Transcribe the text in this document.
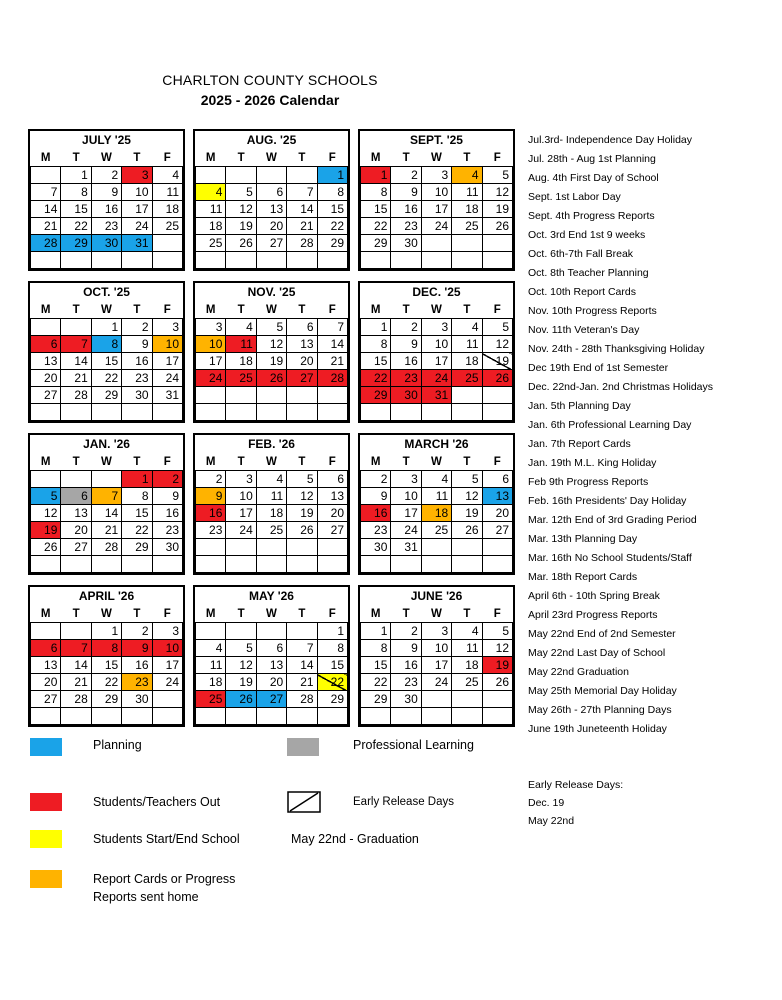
CHARLTON COUNTY SCHOOLS
2025 - 2026 Calendar
JULY '25
M	T	W	T	F
	1	2	3	4
7	8	9	10	11
14	15	16	17	18
21	22	23	24	25
28	29	30	31	

AUG. '25
M	T	W	T	F
				1
4	5	6	7	8
11	12	13	14	15
18	19	20	21	22
25	26	27	28	29

SEPT. '25
M	T	W	T	F
1	2	3	4	5
8	9	10	11	12
15	16	17	18	19
22	23	24	25	26
29	30			

OCT. '25
M	T	W	T	F
		1	2	3
6	7	8	9	10
13	14	15	16	17
20	21	22	23	24
27	28	29	30	31

NOV. '25
M	T	W	T	F
3	4	5	6	7
10	11	12	13	14
17	18	19	20	21
24	25	26	27	28

DEC. '25
M	T	W	T	F
1	2	3	4	5
8	9	10	11	12
15	16	17	18	19
22	23	24	25	26
29	30	31		

JAN. '26
M	T	W	T	F
			1	2
5	6	7	8	9
12	13	14	15	16
19	20	21	22	23
26	27	28	29	30

FEB. '26
M	T	W	T	F
2	3	4	5	6
9	10	11	12	13
16	17	18	19	20
23	24	25	26	27

MARCH '26
M	T	W	T	F
2	3	4	5	6
9	10	11	12	13
16	17	18	19	20
23	24	25	26	27
30	31			

APRIL '26
M	T	W	T	F
		1	2	3
6	7	8	9	10
13	14	15	16	17
20	21	22	23	24
27	28	29	30	

MAY '26
M	T	W	T	F
				1
4	5	6	7	8
11	12	13	14	15
18	19	20	21	22
25	26	27	28	29

JUNE '26
M	T	W	T	F
1	2	3	4	5
8	9	10	11	12
15	16	17	18	19
22	23	24	25	26
29	30			

Jul.3rd- Independence Day Holiday
Jul. 28th - Aug 1st Planning
Aug. 4th First Day of School
Sept. 1st Labor Day
Sept. 4th Progress Reports
Oct. 3rd End 1st 9 weeks
Oct. 6th-7th Fall Break
Oct. 8th Teacher Planning
Oct. 10th Report Cards
Nov. 10th Progress Reports
Nov. 11th Veteran's Day
Nov. 24th - 28th Thanksgiving Holiday
Dec 19th End of 1st Semester
Dec. 22nd-Jan. 2nd Christmas Holidays
Jan. 5th Planning Day
Jan. 6th Professional Learning Day
Jan. 7th Report Cards
Jan. 19th M.L. King Holiday
Feb 9th Progress Reports
Feb. 16th Presidents' Day Holiday
Mar. 12th End of 3rd Grading Period
Mar. 13th Planning Day
Mar. 16th No School Students/Staff
Mar. 18th Report Cards
April 6th - 10th Spring Break
April 23rd Progress Reports
May 22nd End of 2nd Semester
May 22nd Last Day of School
May 22nd Graduation
May 25th Memorial Day Holiday
May 26th - 27th Planning Days
June 19th Juneteenth Holiday
Planning	Professional Learning
Students/Teachers Out	Early Release Days
Students Start/End School	May 22nd - Graduation
Report Cards or Progress
Reports sent home
Early Release Days:
Dec. 19
May 22nd
